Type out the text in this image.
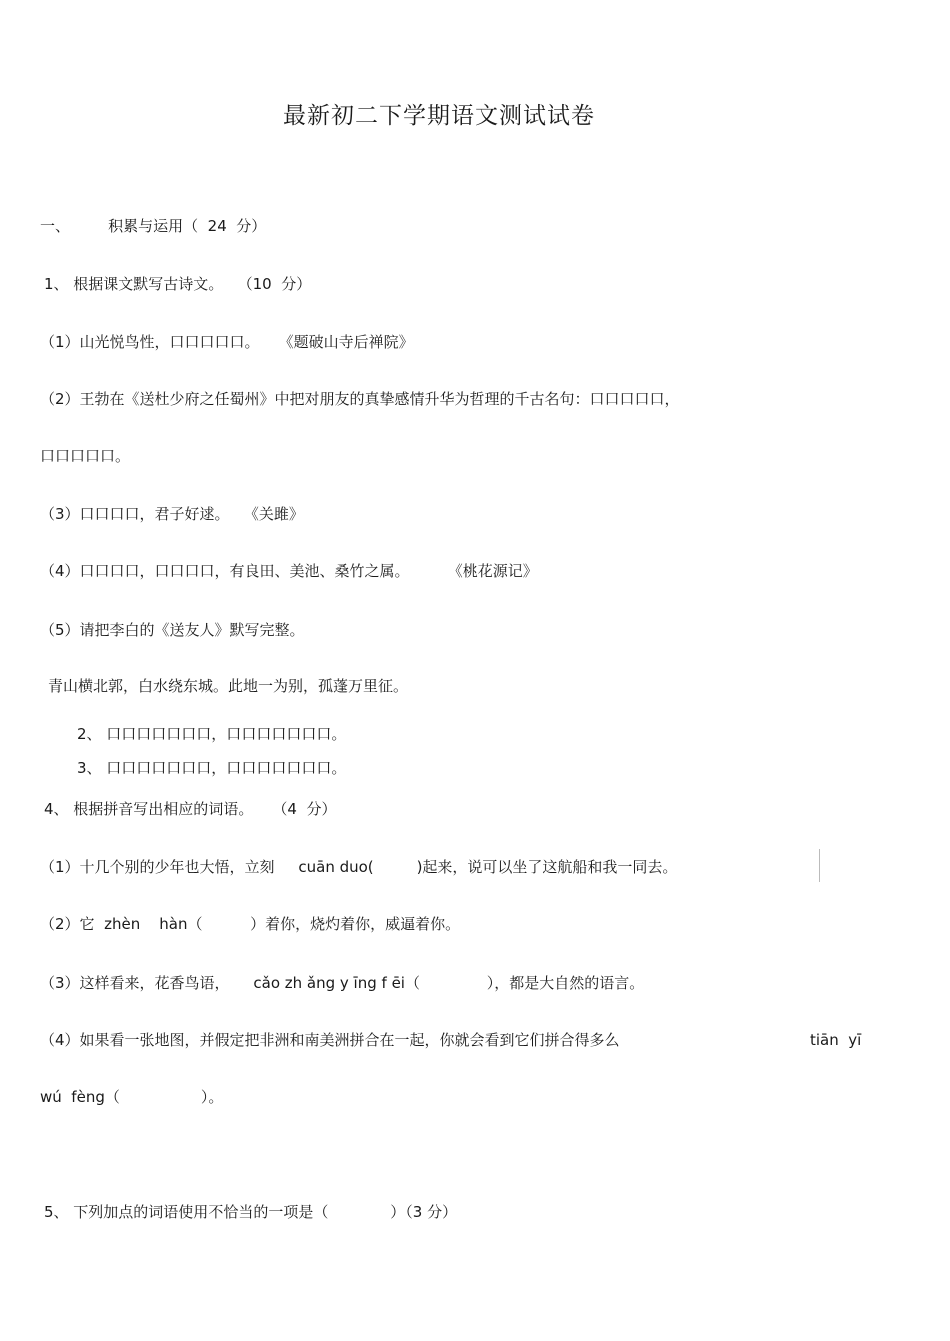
最新初二下学期语文测试试卷
一、        积累与运用（  24  分）
1、 根据课文默写古诗文。   （10  分）
（1）山光悦鸟性，口口口口口。    《题破山寺后禅院》
（2）王勃在《送杜少府之任蜀州》中把对朋友的真挚感情升华为哲理的千古名句：口口口口口，
口口口口口。
（3）口口口口，君子好逑。   《关雎》
（4）口口口口，口口口口，有良田、美池、桑竹之属。        《桃花源记》
（5）请把李白的《送友人》默写完整。
青山横北郭，白水绕东城。此地一为别，孤蓬万里征。
2、 口口口口口口口，口口口口口口口。
3、 口口口口口口口，口口口口口口口。
4、 根据拼音写出相应的词语。    （4  分）
（1）十几个别的少年也大悟，立刻     cuān duo(         )起来，说可以坐了这航船和我一同去。
（2）它  zhèn    hàn（          ）着你，烧灼着你，威逼着你。
（3）这样看来，花香鸟语，     cǎo zh ǎng y īng f ēi（              ），都是大自然的语言。
（4）如果看一张地图，并假定把非洲和南美洲拼合在一起，你就会看到它们拼合得多么	tiān  yī
wú  fèng（                 ）。
5、 下列加点的词语使用不恰当的一项是（             ）（3 分）
